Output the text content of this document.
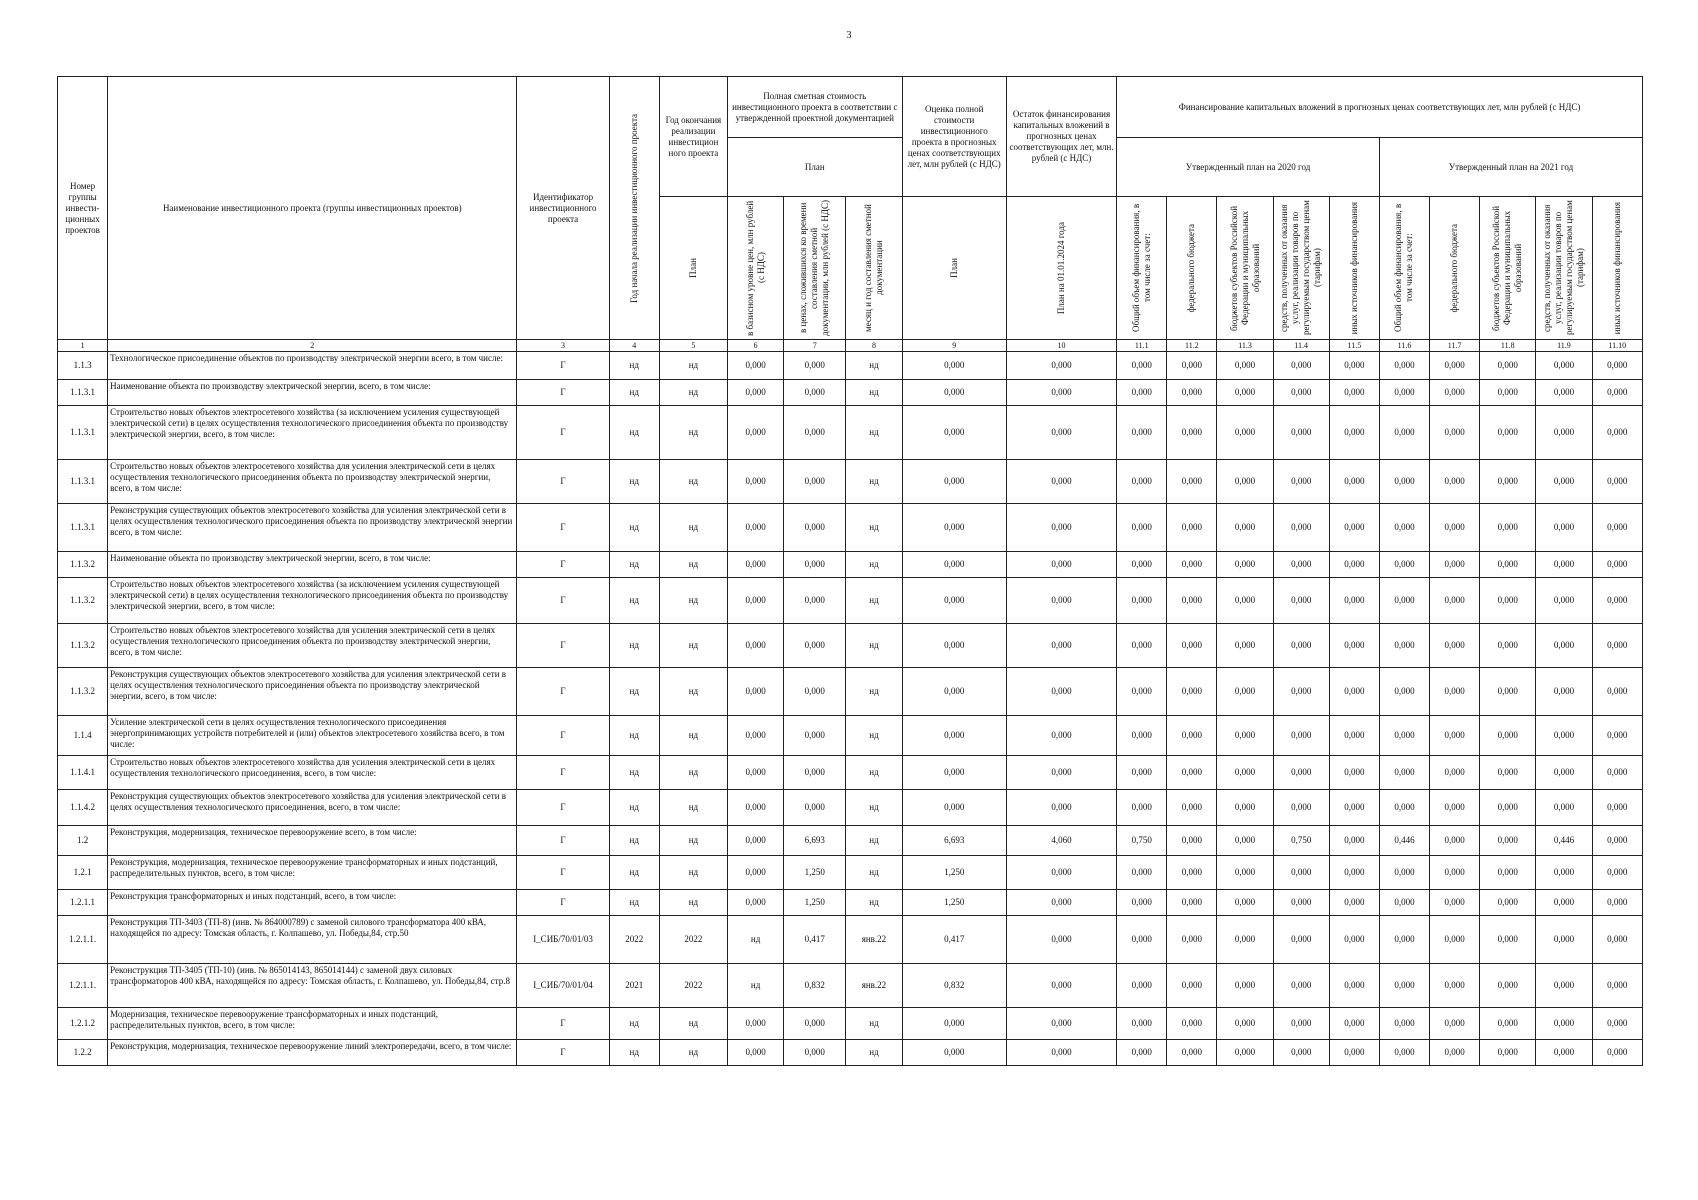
3
Номер группы инвести-ционных проектов	Наименование инвестиционного проекта (группы инвестиционных проектов)	Идентификатор инвестиционного проекта	Год начала реализации инвестиционного проекта	Год окончания реализации инвестицион ного проекта	Полная сметная стоимость инвестиционного проекта в соответствии с утвержденной проектной документацией			Оценка полной стоимости инвестиционного проекта в прогнозных ценах соответствующих лет, млн рублей (с НДС)	Остаток финансирования капитальных вложений в прогнозных ценах соответствующих лет, млн. рублей (с НДС)	Финансирование капитальных вложений в прогнозных ценах соответствующих лет, млн рублей (с НДС)									
					План					Утвержденный план на 2020 год					Утвержденный план на 2021 год				

				План	в базисном уровне цен, млн рублей (с НДС)	в ценах, сложившихся ко времени составления сметной документации, млн рублей (с НДС)	месяц и год составления сметной документации	План	План на 01.01.2024 года	Общий объем финансирования, в том числе за счет:	федерального бюджета	бюджетов субъектов Российской Федерации и муниципальных образований	средств, полученных от оказания услуг, реализации товаров по регулируемым государством ценам (тарифам)	иных источников финансирования	Общий объем финансирования, в том числе за счет:	федерального бюджета	бюджетов субъектов Российской Федерации и муниципальных образований	средств, полученных от оказания услуг, реализации товаров по регулируемым государством ценам (тарифам)	иных источников финансирования

1	2	3	4	5	6	7	8	9	10	11.1	11.2	11.3	11.4	11.5	11.6	11.7	11.8	11.9	11.10
1.1.3	Технологическое присоединение объектов по производству электрической энергии всего, в том числе:	Г	нд	нд	0,000	0,000	нд	0,000	0,000	0,000	0,000	0,000	0,000	0,000	0,000	0,000	0,000	0,000	0,000
1.1.3.1	Наименование объекта по производству электрической энергии, всего, в том числе:	Г	нд	нд	0,000	0,000	нд	0,000	0,000	0,000	0,000	0,000	0,000	0,000	0,000	0,000	0,000	0,000	0,000
1.1.3.1	Строительство новых объектов электросетевого хозяйства (за исключением усиления существующей электрической сети) в целях осуществления технологического присоединения объекта по производству электрической энергии, всего, в том числе:	Г	нд	нд	0,000	0,000	нд	0,000	0,000	0,000	0,000	0,000	0,000	0,000	0,000	0,000	0,000	0,000	0,000
1.1.3.1	Строительство новых объектов электросетевого хозяйства для усиления электрической сети в целях осуществления технологического присоединения объекта по производству электрической энергии, всего, в том числе:	Г	нд	нд	0,000	0,000	нд	0,000	0,000	0,000	0,000	0,000	0,000	0,000	0,000	0,000	0,000	0,000	0,000
1.1.3.1	Реконструкция существующих объектов электросетевого хозяйства для усиления электрической сети в целях осуществления технологического присоединения объекта по производству электрической энергии всего, в том числе:	Г	нд	нд	0,000	0,000	нд	0,000	0,000	0,000	0,000	0,000	0,000	0,000	0,000	0,000	0,000	0,000	0,000
1.1.3.2	Наименование объекта по производству электрической энергии, всего, в том числе:	Г	нд	нд	0,000	0,000	нд	0,000	0,000	0,000	0,000	0,000	0,000	0,000	0,000	0,000	0,000	0,000	0,000
1.1.3.2	Строительство новых объектов электросетевого хозяйства (за исключением усиления существующей электрической сети) в целях осуществления технологического присоединения объекта по производству электрической энергии, всего, в том числе:	Г	нд	нд	0,000	0,000	нд	0,000	0,000	0,000	0,000	0,000	0,000	0,000	0,000	0,000	0,000	0,000	0,000
1.1.3.2	Строительство новых объектов электросетевого хозяйства для усиления электрической сети в целях осуществления технологического присоединения объекта по производству электрической энергии, всего, в том числе:	Г	нд	нд	0,000	0,000	нд	0,000	0,000	0,000	0,000	0,000	0,000	0,000	0,000	0,000	0,000	0,000	0,000
1.1.3.2	Реконструкция существующих объектов электросетевого хозяйства для усиления электрической сети в целях осуществления технологического присоединения объекта по производству электрической энергии, всего, в том числе:	Г	нд	нд	0,000	0,000	нд	0,000	0,000	0,000	0,000	0,000	0,000	0,000	0,000	0,000	0,000	0,000	0,000
1.1.4	Усиление электрической сети в целях осуществления технологического присоединения энергопринимающих устройств потребителей и (или) объектов электросетевого хозяйства всего, в том числе:	Г	нд	нд	0,000	0,000	нд	0,000	0,000	0,000	0,000	0,000	0,000	0,000	0,000	0,000	0,000	0,000	0,000
1.1.4.1	Строительство новых объектов электросетевого хозяйства для усиления электрической сети в целях осуществления технологического присоединения, всего, в том числе:	Г	нд	нд	0,000	0,000	нд	0,000	0,000	0,000	0,000	0,000	0,000	0,000	0,000	0,000	0,000	0,000	0,000
1.1.4.2	Реконструкция существующих объектов электросетевого хозяйства для усиления электрической сети в целях осуществления технологического присоединения, всего, в том числе:	Г	нд	нд	0,000	0,000	нд	0,000	0,000	0,000	0,000	0,000	0,000	0,000	0,000	0,000	0,000	0,000	0,000
1.2	Реконструкция, модернизация, техническое перевооружение всего, в том числе:	Г	нд	нд	0,000	6,693	нд	6,693	4,060	0,750	0,000	0,000	0,750	0,000	0,446	0,000	0,000	0,446	0,000
1.2.1	Реконструкция, модернизация, техническое перевооружение трансформаторных и иных подстанций, распределительных пунктов, всего, в том числе:	Г	нд	нд	0,000	1,250	нд	1,250	0,000	0,000	0,000	0,000	0,000	0,000	0,000	0,000	0,000	0,000	0,000
1.2.1.1	Реконструкция трансформаторных и иных подстанций, всего, в том числе:	Г	нд	нд	0,000	1,250	нд	1,250	0,000	0,000	0,000	0,000	0,000	0,000	0,000	0,000	0,000	0,000	0,000
1.2.1.1.	Реконструкция ТП-3403 (ТП-8) (инв. № 864000789) с заменой силового трансформатора 400 кВА, находящейся по адресу: Томская область, г. Колпашево, ул. Победы,84, стр.50	I_СИБ/70/01/03	2022	2022	нд	0,417	янв.22	0,417	0,000	0,000	0,000	0,000	0,000	0,000	0,000	0,000	0,000	0,000	0,000
1.2.1.1.	Реконструкция ТП-3405 (ТП-10) (инв. № 865014143, 865014144) с заменой двух силовых трансформаторов 400 кВА, находящейся по адресу: Томская область, г. Колпашево, ул. Победы,84, стр.8	I_СИБ/70/01/04	2021	2022	нд	0,832	янв.22	0,832	0,000	0,000	0,000	0,000	0,000	0,000	0,000	0,000	0,000	0,000	0,000
1.2.1.2	Модернизация, техническое перевооружение трансформаторных и иных подстанций, распределительных пунктов, всего, в том числе:	Г	нд	нд	0,000	0,000	нд	0,000	0,000	0,000	0,000	0,000	0,000	0,000	0,000	0,000	0,000	0,000	0,000
1.2.2	Реконструкция, модернизация, техническое перевооружение линий электропередачи, всего, в том числе:	Г	нд	нд	0,000	0,000	нд	0,000	0,000	0,000	0,000	0,000	0,000	0,000	0,000	0,000	0,000	0,000	0,000
